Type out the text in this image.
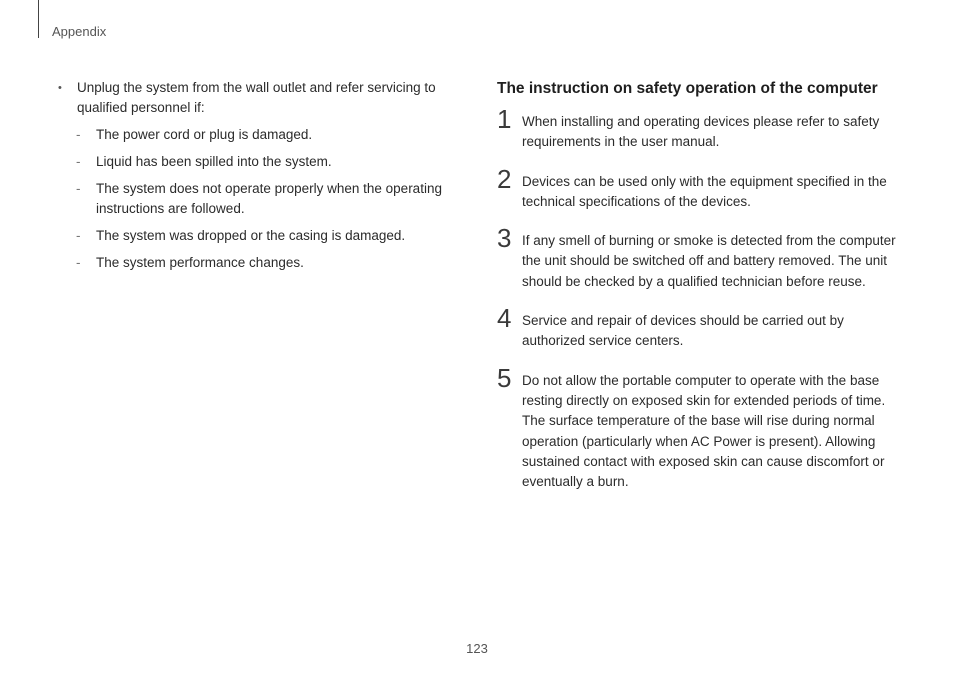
Appendix
• Unplug the system from the wall outlet and refer servicing to qualified personnel if:
- The power cord or plug is damaged.
- Liquid has been spilled into the system.
- The system does not operate properly when the operating instructions are followed.
- The system was dropped or the casing is damaged.
- The system performance changes.
The instruction on safety operation of the computer
1 When installing and operating devices please refer to safety requirements in the user manual.
2 Devices can be used only with the equipment specified in the technical specifications of the devices.
3 If any smell of burning or smoke is detected from the computer the unit should be switched off and battery removed. The unit should be checked by a qualified technician before reuse.
4 Service and repair of devices should be carried out by authorized service centers.
5 Do not allow the portable computer to operate with the base resting directly on exposed skin for extended periods of time. The surface temperature of the base will rise during normal operation (particularly when AC Power is present). Allowing sustained contact with exposed skin can cause discomfort or eventually a burn.
123
